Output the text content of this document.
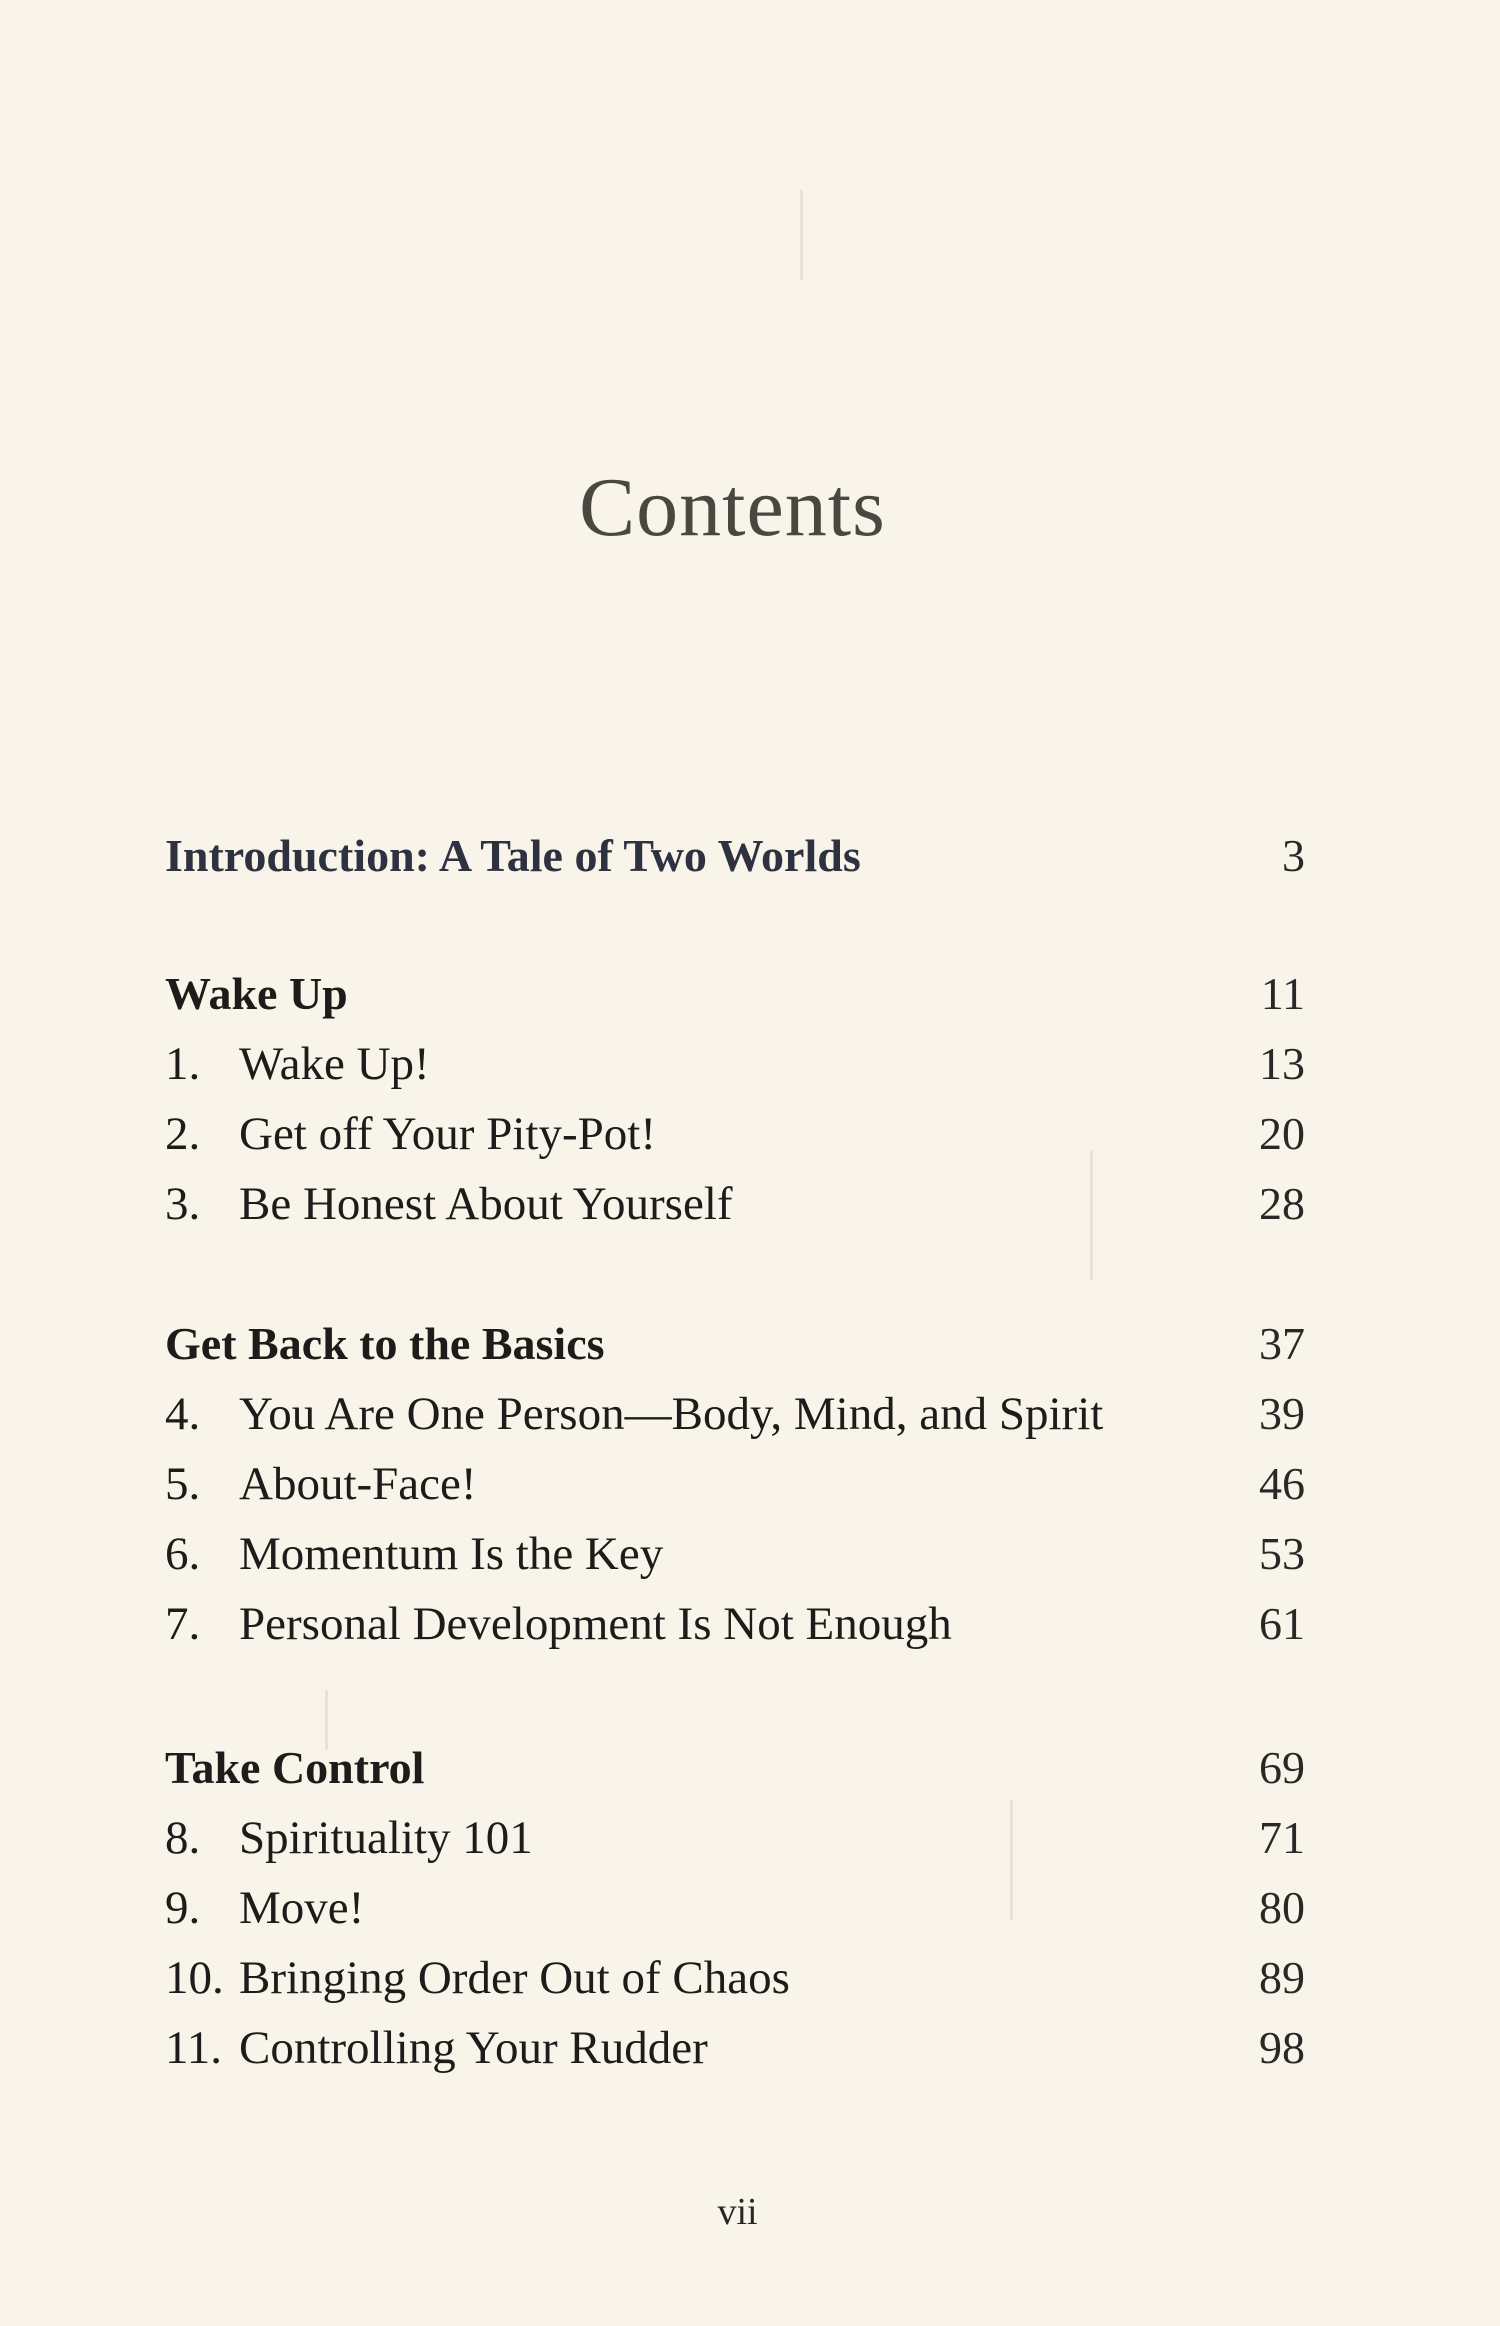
Contents
Introduction: A Tale of Two Worlds	3
Wake Up	11
1. Wake Up!	13
2. Get off Your Pity-Pot!	20
3. Be Honest About Yourself	28
Get Back to the Basics	37
4. You Are One Person—Body, Mind, and Spirit	39
5. About-Face!	46
6. Momentum Is the Key	53
7. Personal Development Is Not Enough	61
Take Control	69
8. Spirituality 101	71
9. Move!	80
10. Bringing Order Out of Chaos	89
11. Controlling Your Rudder	98
vii
